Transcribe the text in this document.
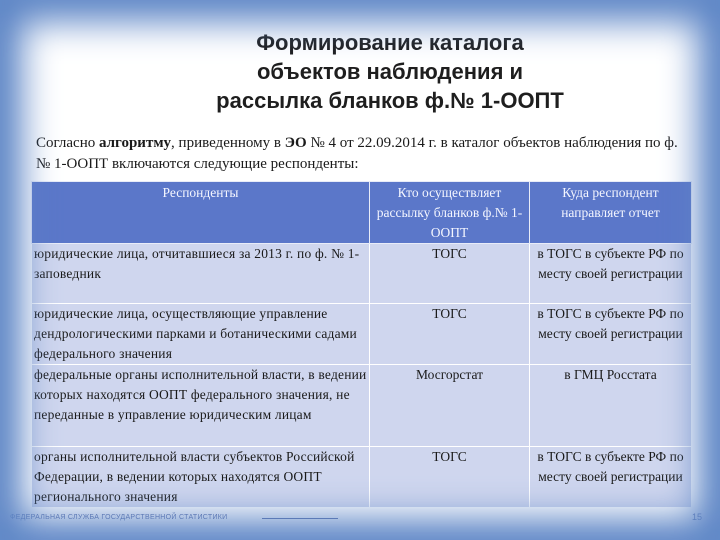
Формирование каталога
объектов наблюдения и
рассылка бланков ф.№ 1-ООПТ
Согласно алгоритму, приведенному в ЭО № 4 от 22.09.2014 г. в каталог объектов наблюдения по ф. № 1-ООПТ включаются следующие респонденты:
Респонденты	Кто осуществляет рассылку бланков ф.№ 1-ООПТ	Куда респондент направляет отчет
юридические лица, отчитавшиеся за 2013 г. по ф. № 1-заповедник	ТОГС	в ТОГС в субъекте РФ по месту своей регистрации
юридические лица, осуществляющие управление дендрологическими парками и ботаническими садами федерального значения	ТОГС	в ТОГС в субъекте РФ по месту своей регистрации
федеральные органы исполнительной власти, в ведении которых находятся ООПТ федерального значения, не переданные в управление юридическим лицам	Мосгорстат	в ГМЦ Росстата
органы исполнительной власти субъектов Российской Федерации, в ведении которых находятся ООПТ регионального значения	ТОГС	в ТОГС в субъекте РФ по месту своей регистрации
ФЕДЕРАЛЬНАЯ СЛУЖБА ГОСУДАРСТВЕННОЙ СТАТИСТИКИ	15
